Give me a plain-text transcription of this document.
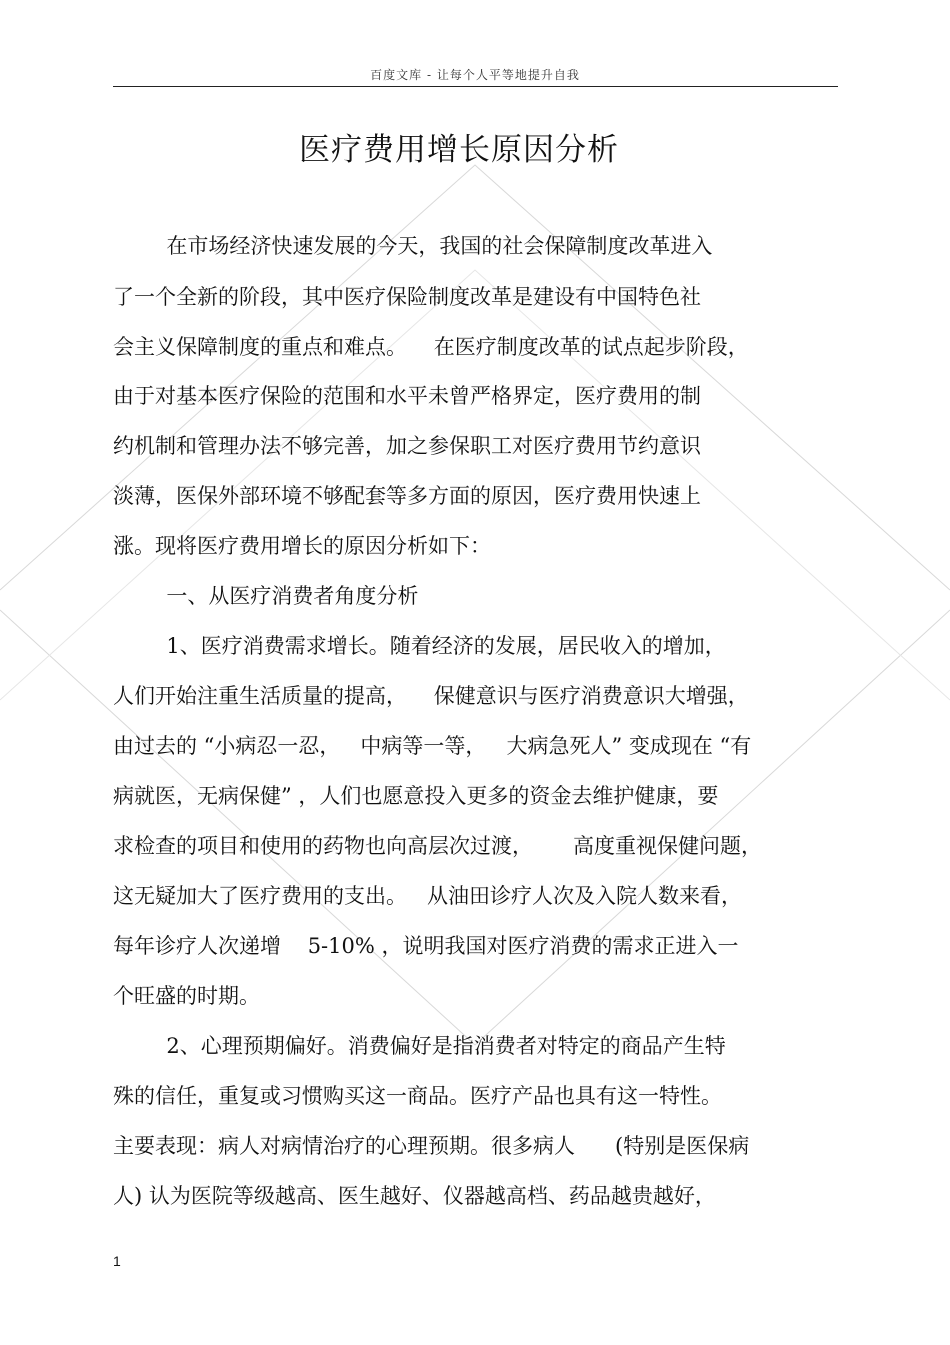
百度文库 - 让每个人平等地提升自我
医疗费用增长原因分析
在市场经济快速发展的今天，我国的社会保障制度改革进入
了一个全新的阶段，其中医疗保险制度改革是建设有中国特色社
会主义保障制度的重点和难点。    在医疗制度改革的试点起步阶段，
由于对基本医疗保险的范围和水平未曾严格界定，医疗费用的制
约机制和管理办法不够完善，加之参保职工对医疗费用节约意识
淡薄，医保外部环境不够配套等多方面的原因，医疗费用快速上
涨。现将医疗费用增长的原因分析如下：
一、从医疗消费者角度分析
1、医疗消费需求增长。随着经济的发展，居民收入的增加，
人们开始注重生活质量的提高，    保健意识与医疗消费意识大增强，
由过去的 “小病忍一忍，   中病等一等，   大病急死人” 变成现在 “有
病就医，无病保健” ，人们也愿意投入更多的资金去维护健康，要
求检查的项目和使用的药物也向高层次过渡，      高度重视保健问题，
这无疑加大了医疗费用的支出。   从油田诊疗人次及入院人数来看，
每年诊疗人次递增    5-10% ，说明我国对医疗消费的需求正进入一
个旺盛的时期。
2、心理预期偏好。消费偏好是指消费者对特定的商品产生特
殊的信任，重复或习惯购买这一商品。医疗产品也具有这一特性。
主要表现：病人对病情治疗的心理预期。很多病人      (特别是医保病
人) 认为医院等级越高、医生越好、仪器越高档、药品越贵越好，
1
